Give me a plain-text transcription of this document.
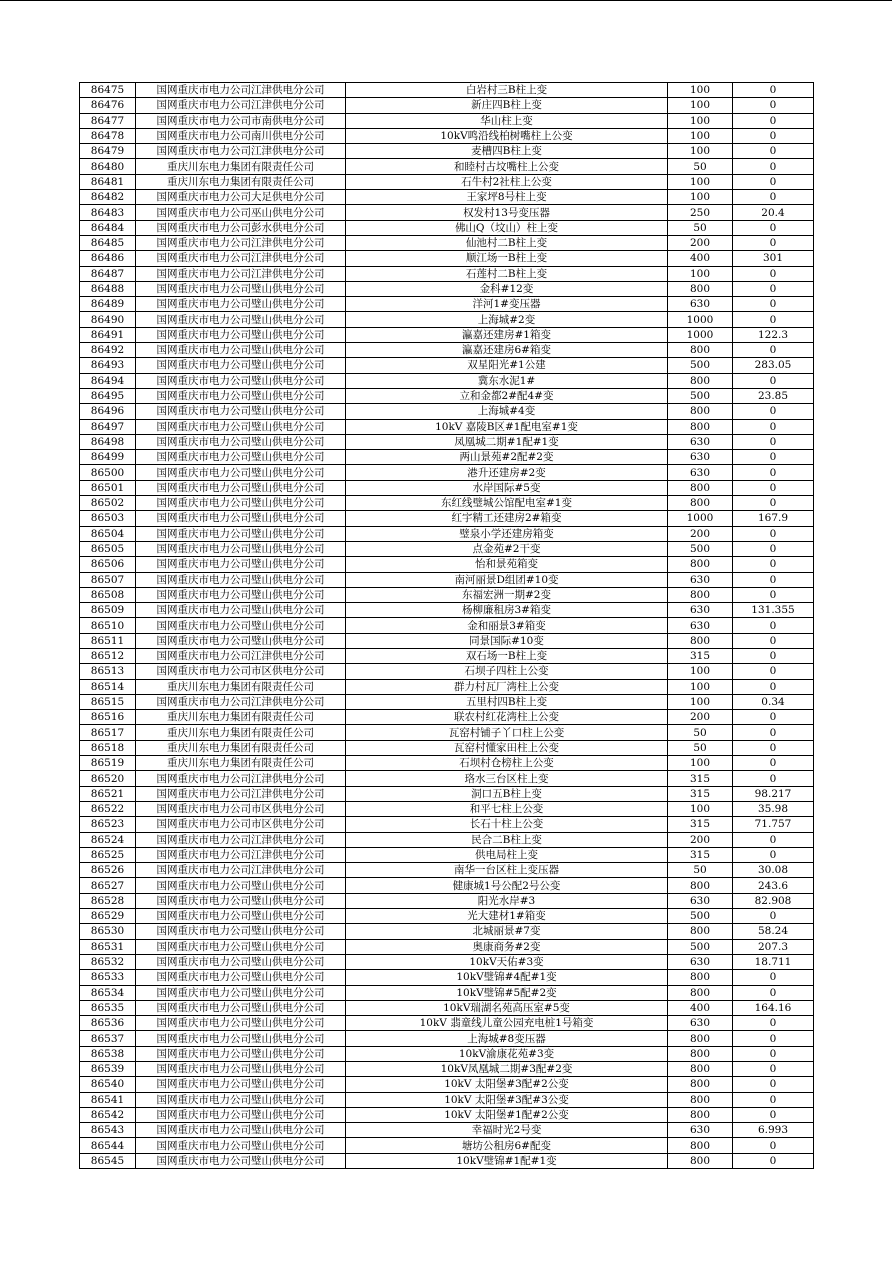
86475	国网重庆市电力公司江津供电分公司	白岩村三B柱上变	100	0
86476	国网重庆市电力公司江津供电分公司	新庄四B柱上变	100	0
86477	国网重庆市电力公司市南供电分公司	华山柱上变	100	0
86478	国网重庆市电力公司南川供电分公司	10kV鸣沿线柏树嘴柱上公变	100	0
86479	国网重庆市电力公司江津供电分公司	麦槽四B柱上变	100	0
86480	重庆川东电力集团有限责任公司	和睦村古坟嘴柱上公变	50	0
86481	重庆川东电力集团有限责任公司	石牛村2社柱上公变	100	0
86482	国网重庆市电力公司大足供电分公司	王家坪8号柱上变	100	0
86483	国网重庆市电力公司巫山供电分公司	权发村13号变压器	250	20.4
86484	国网重庆市电力公司彭水供电分公司	佛山Q（坟山）柱上变	50	0
86485	国网重庆市电力公司江津供电分公司	仙池村二B柱上变	200	0
86486	国网重庆市电力公司江津供电分公司	顺江场一B柱上变	400	301
86487	国网重庆市电力公司江津供电分公司	石莲村二B柱上变	100	0
86488	国网重庆市电力公司璧山供电分公司	金科#12变	800	0
86489	国网重庆市电力公司璧山供电分公司	洋河1#变压器	630	0
86490	国网重庆市电力公司璧山供电分公司	上海城#2变	1000	0
86491	国网重庆市电力公司璧山供电分公司	瀛嘉还建房#1箱变	1000	122.3
86492	国网重庆市电力公司璧山供电分公司	瀛嘉还建房6#箱变	800	0
86493	国网重庆市电力公司璧山供电分公司	双星阳光#1公建	500	283.05
86494	国网重庆市电力公司璧山供电分公司	冀东水泥1#	800	0
86495	国网重庆市电力公司璧山供电分公司	立和金都2#配4#变	500	23.85
86496	国网重庆市电力公司璧山供电分公司	上海城#4变	800	0
86497	国网重庆市电力公司璧山供电分公司	10kV 嘉陵B区#1配电室#1变	800	0
86498	国网重庆市电力公司璧山供电分公司	凤凰城二期#1配#1变	630	0
86499	国网重庆市电力公司璧山供电分公司	两山景苑#2配#2变	630	0
86500	国网重庆市电力公司璧山供电分公司	港升还建房#2变	630	0
86501	国网重庆市电力公司璧山供电分公司	水岸国际#5变	800	0
86502	国网重庆市电力公司璧山供电分公司	东红线璧城公馆配电室#1变	800	0
86503	国网重庆市电力公司璧山供电分公司	红宇精工还建房2#箱变	1000	167.9
86504	国网重庆市电力公司璧山供电分公司	璧泉小学还建房箱变	200	0
86505	国网重庆市电力公司璧山供电分公司	点金苑#2干变	500	0
86506	国网重庆市电力公司璧山供电分公司	怡和景苑箱变	800	0
86507	国网重庆市电力公司璧山供电分公司	南河丽景D组团#10变	630	0
86508	国网重庆市电力公司璧山供电分公司	东福宏洲一期#2变	800	0
86509	国网重庆市电力公司璧山供电分公司	杨柳廉租房3#箱变	630	131.355
86510	国网重庆市电力公司璧山供电分公司	金和丽景3#箱变	630	0
86511	国网重庆市电力公司璧山供电分公司	同景国际#10变	800	0
86512	国网重庆市电力公司江津供电分公司	双石场一B柱上变	315	0
86513	国网重庆市电力公司市区供电分公司	石坝子四柱上公变	100	0
86514	重庆川东电力集团有限责任公司	群力村瓦厂湾柱上公变	100	0
86515	国网重庆市电力公司江津供电分公司	五里村四B柱上变	100	0.34
86516	重庆川东电力集团有限责任公司	联农村红花湾柱上公变	200	0
86517	重庆川东电力集团有限责任公司	瓦窑村铺子丫口柱上公变	50	0
86518	重庆川东电力集团有限责任公司	瓦窑村懂家田柱上公变	50	0
86519	重庆川东电力集团有限责任公司	石坝村仓榜柱上公变	100	0
86520	国网重庆市电力公司江津供电分公司	珞水三台区柱上变	315	0
86521	国网重庆市电力公司江津供电分公司	洞口五B柱上变	315	98.217
86522	国网重庆市电力公司市区供电分公司	和平七柱上公变	100	35.98
86523	国网重庆市电力公司市区供电分公司	长石十柱上公变	315	71.757
86524	国网重庆市电力公司江津供电分公司	民合二B柱上变	200	0
86525	国网重庆市电力公司江津供电分公司	供电局柱上变	315	0
86526	国网重庆市电力公司江津供电分公司	南华一台区柱上变压器	50	30.08
86527	国网重庆市电力公司璧山供电分公司	健康城1号公配2号公变	800	243.6
86528	国网重庆市电力公司璧山供电分公司	阳光水岸#3	630	82.908
86529	国网重庆市电力公司璧山供电分公司	光大建材1#箱变	500	0
86530	国网重庆市电力公司璧山供电分公司	北城丽景#7变	800	58.24
86531	国网重庆市电力公司璧山供电分公司	奥康商务#2变	500	207.3
86532	国网重庆市电力公司璧山供电分公司	10kV天佑#3变	630	18.711
86533	国网重庆市电力公司璧山供电分公司	10kV璧锦#4配#1变	800	0
86534	国网重庆市电力公司璧山供电分公司	10kV璧锦#5配#2变	800	0
86535	国网重庆市电力公司璧山供电分公司	10kV瑞湖名苑高压室#5变	400	164.16
86536	国网重庆市电力公司璧山供电分公司	10kV 翡童线儿童公园充电桩1号箱变	630	0
86537	国网重庆市电力公司璧山供电分公司	上海城#8变压器	800	0
86538	国网重庆市电力公司璧山供电分公司	10kV渝康花苑#3变	800	0
86539	国网重庆市电力公司璧山供电分公司	10kV凤凰城二期#3配#2变	800	0
86540	国网重庆市电力公司璧山供电分公司	10kV 太阳堡#3配#2公变	800	0
86541	国网重庆市电力公司璧山供电分公司	10kV 太阳堡#3配#3公变	800	0
86542	国网重庆市电力公司璧山供电分公司	10kV 太阳堡#1配#2公变	800	0
86543	国网重庆市电力公司璧山供电分公司	幸福时光2号变	630	6.993
86544	国网重庆市电力公司璧山供电分公司	塘坊公租房6#配变	800	0
86545	国网重庆市电力公司璧山供电分公司	10kV璧锦#1配#1变	800	0
